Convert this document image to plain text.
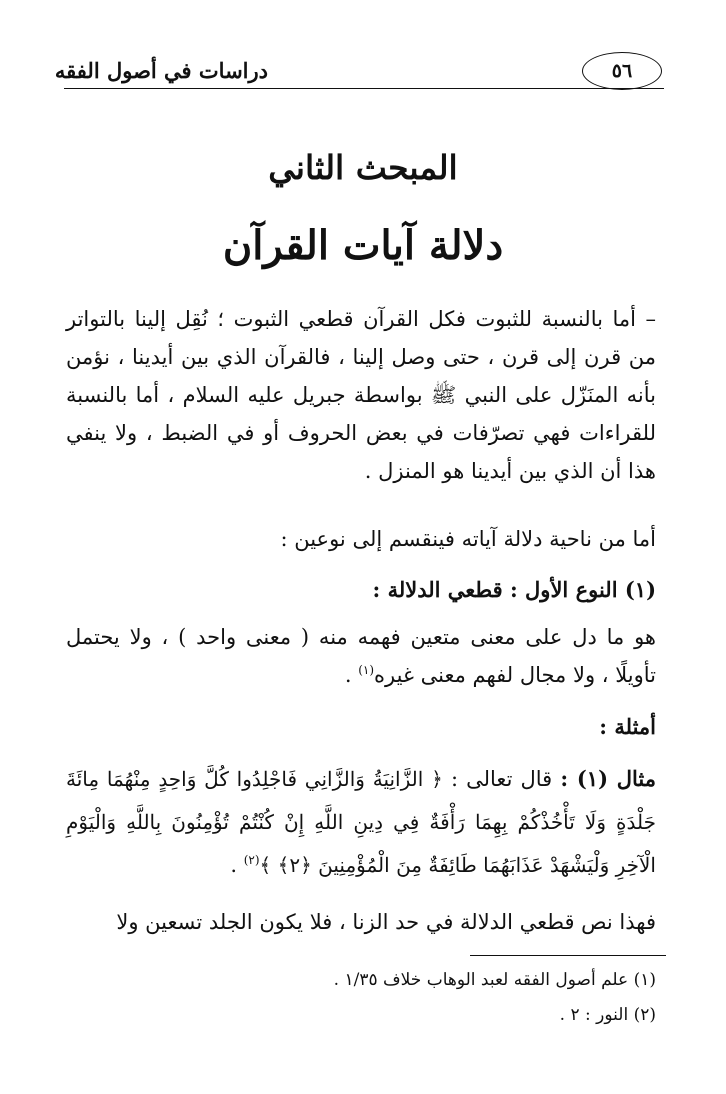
٥٦
دراسات في أصول الفقه
المبحث الثاني
دلالة آيات القرآن
– أما بالنسبة للثبوت فكل القرآن قطعي الثبوت ؛ نُقِل إلينا بالتواتر من قرن إلى قرن ، حتى وصل إلينا ، فالقرآن الذي بين أيدينا ، نؤمن بأنه المنَزّل على النبي ﷺ بواسطة جبريل عليه السلام ، أما بالنسبة للقراءات فهي تصرّفات في بعض الحروف أو في الضبط ، ولا ينفي هذا أن الذي بين أيدينا هو المنزل .
أما من ناحية دلالة آياته فينقسم إلى نوعين :
(١) النوع الأول : قطعي الدلالة :
هو ما دل على معنى متعين فهمه منه ( معنى واحد ) ، ولا يحتمل تأويلًا ، ولا مجال لفهم معنى غيره$^{(١)}$ .
أمثلة :
مثال (١) : قال تعالى : ﴿ الزَّانِيَةُ وَالزَّانِي فَاجْلِدُوا كُلَّ وَاحِدٍ مِنْهُمَا مِائَةَ جَلْدَةٍ وَلَا تَأْخُذْكُمْ بِهِمَا رَأْفَةٌ فِي دِينِ اللَّهِ إِنْ كُنْتُمْ تُؤْمِنُونَ بِاللَّهِ وَالْيَوْمِ الْآخِرِ وَلْيَشْهَدْ عَذَابَهُمَا طَائِفَةٌ مِنَ الْمُؤْمِنِينَ ﴿٢﴾ ﴾$^{(٢)}$ .
فهذا نص قطعي الدلالة في حد الزنا ، فلا يكون الجلد تسعين ولا
(١) علم أصول الفقه لعبد الوهاب خلاف ١/٣٥ .
(٢) النور : ٢ .
